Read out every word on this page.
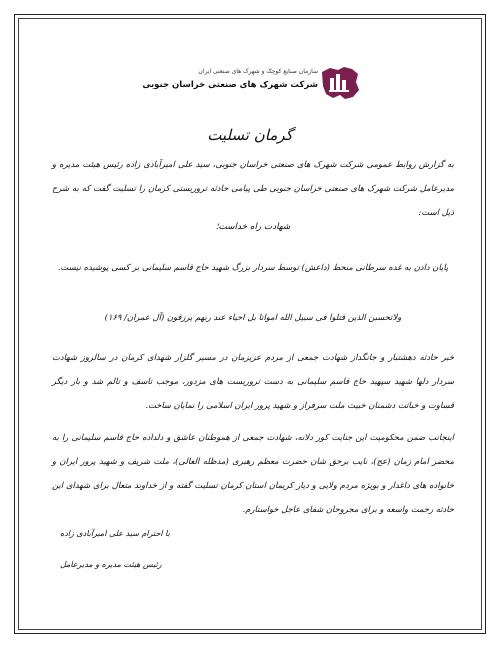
سازمان صنایع کوچک و شهرک های صنعتی ایران
شرکت شهرک های صنعتی خراسان جنوبی
گرمان تسلیت
به گزارش روابط عمومی شرکت شهرک های صنعتی خراسان جنوبی، سید علی امیرآبادی زاده رئیس هیئت مدیره و مدیرعامل شرکت شهرک های صنعتی خراسان جنوبی طی پیامی حادثه تروریستی کرمان را تسلیت گفت که به شرح ذیل است:
شهادت راه خداست؛
پایان دادن به غده سرطانی منحط (داعش) توسط سردار بزرگ شهید حاج قاسم سلیمانی بر کسی پوشیده نیست.
ولاتحسبن الذین قتلوا فی سبیل الله امواتا بل احیاء عند ربهم یرزقون (آل عمران/ ۱۶۹)
خبر حادثه دهشتبار و جانگداز شهادت جمعی از مردم عزیزمان در مسیر گلزار شهدای کرمان در سالروز شهادت سردار دلها شهید سپهبد حاج قاسم سلیمانی به دست تروریست های مزدور، موجب تاسف و تالم شد و بار دیگر قساوت و خباثت دشمنان خبیث ملت سرفراز و شهید پرور ایران اسلامی را نمایان ساخت.
اینجانب ضمن محکومیت این جنایت کور دلانه، شهادت جمعی از هموطنان عاشق و دلداده حاج قاسم سلیمانی را به محضر امام زمان (عج)، نایب برحق شان حضرت معظم رهبری (مدظله العالی)، ملت شریف و شهید پرور ایران و خانواده های داغدار و بویژه مردم ولایی و دیار کریمان استان کرمان تسلیت گفته و از خداوند متعال برای شهدای این حادثه رحمت واسعه و برای مجروحان شفای عاجل خواستارم.
با احترام سید علی امیرآبادی زاده
رئیس هیئت مدیره و مدیرعامل
